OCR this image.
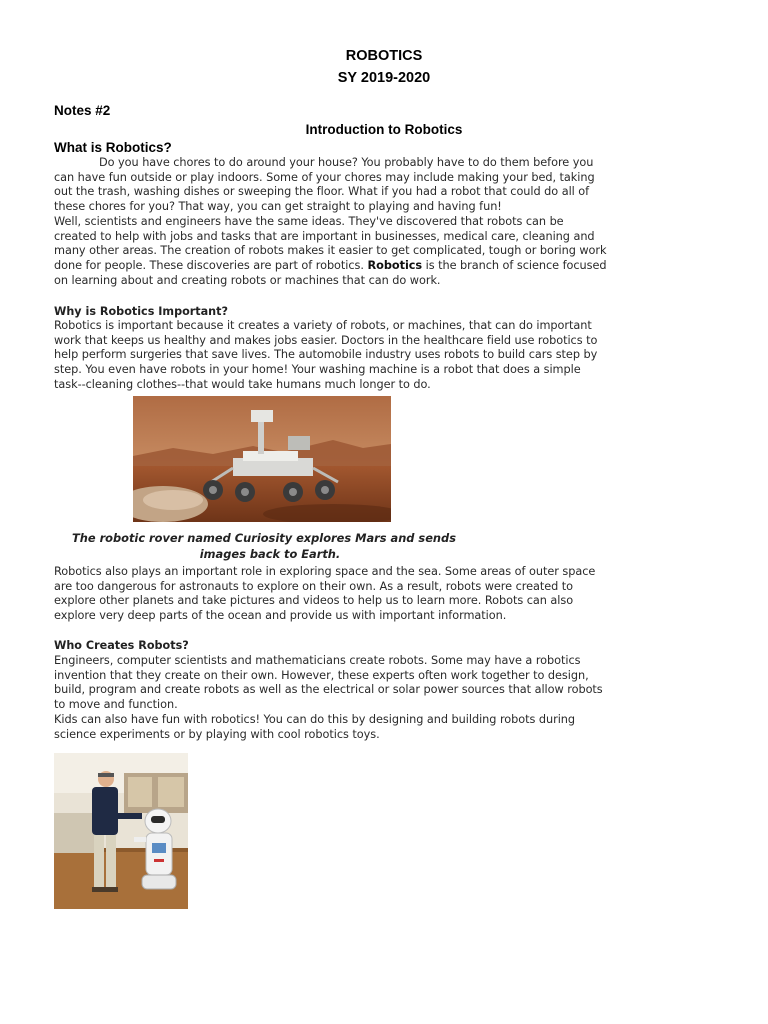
ROBOTICS
SY 2019-2020
Notes #2
Introduction to Robotics
What is Robotics?
Do you have chores to do around your house? You probably have to do them before you
can have fun outside or play indoors. Some of your chores may include making your bed, taking
out the trash, washing dishes or sweeping the floor. What if you had a robot that could do all of
these chores for you? That way, you can get straight to playing and having fun!
Well, scientists and engineers have the same ideas. They've discovered that robots can be
created to help with jobs and tasks that are important in businesses, medical care, cleaning and
many other areas. The creation of robots makes it easier to get complicated, tough or boring work
done for people. These discoveries are part of robotics. Robotics is the branch of science focused
on learning about and creating robots or machines that can do work.
Why is Robotics Important?
Robotics is important because it creates a variety of robots, or machines, that can do important
work that keeps us healthy and makes jobs easier. Doctors in the healthcare field use robotics to
help perform surgeries that save lives. The automobile industry uses robots to build cars step by
step. You even have robots in your home! Your washing machine is a robot that does a simple
task--cleaning clothes--that would take humans much longer to do.
The robotic rover named Curiosity explores Mars and sends
images back to Earth.
Robotics also plays an important role in exploring space and the sea. Some areas of outer space
are too dangerous for astronauts to explore on their own. As a result, robots were created to
explore other planets and take pictures and videos to help us to learn more. Robots can also
explore very deep parts of the ocean and provide us with important information.
Who Creates Robots?
Engineers, computer scientists and mathematicians create robots. Some may have a robotics
invention that they create on their own. However, these experts often work together to design,
build, program and create robots as well as the electrical or solar power sources that allow robots
to move and function.
Kids can also have fun with robotics! You can do this by designing and building robots during
science experiments or by playing with cool robotics toys.
